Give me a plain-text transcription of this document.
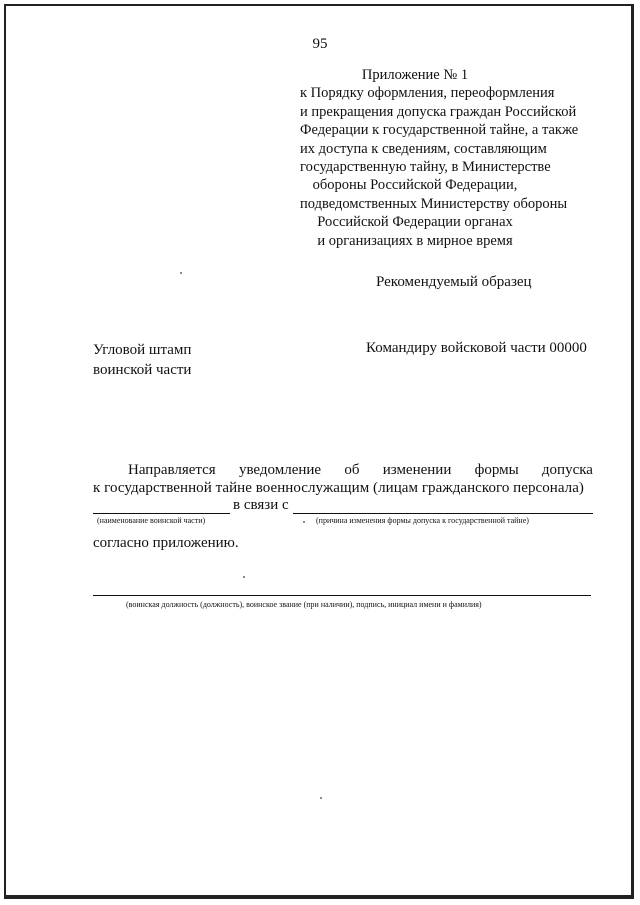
95
Приложение № 1
к Порядку оформления, переоформления
и прекращения допуска граждан Российской
Федерации к государственной тайне, а также
их доступа к сведениям, составляющим
государственную тайну, в Министерстве
обороны Российской Федерации,
подведомственных Министерству обороны
Российской Федерации органах
и организациях в мирное время
Рекомендуемый образец
Угловой штамп
воинской части
Командиру войсковой части 00000
Направляется уведомление об изменении формы допуска
к государственной тайне военнослужащим (лицам гражданского персонала)
в связи с
(наименование воинской части)	(причина изменения формы допуска к государственной тайне)
согласно приложению.
(воинская должность (должность), воинское звание (при наличии), подпись, инициал имени и фамилия)
